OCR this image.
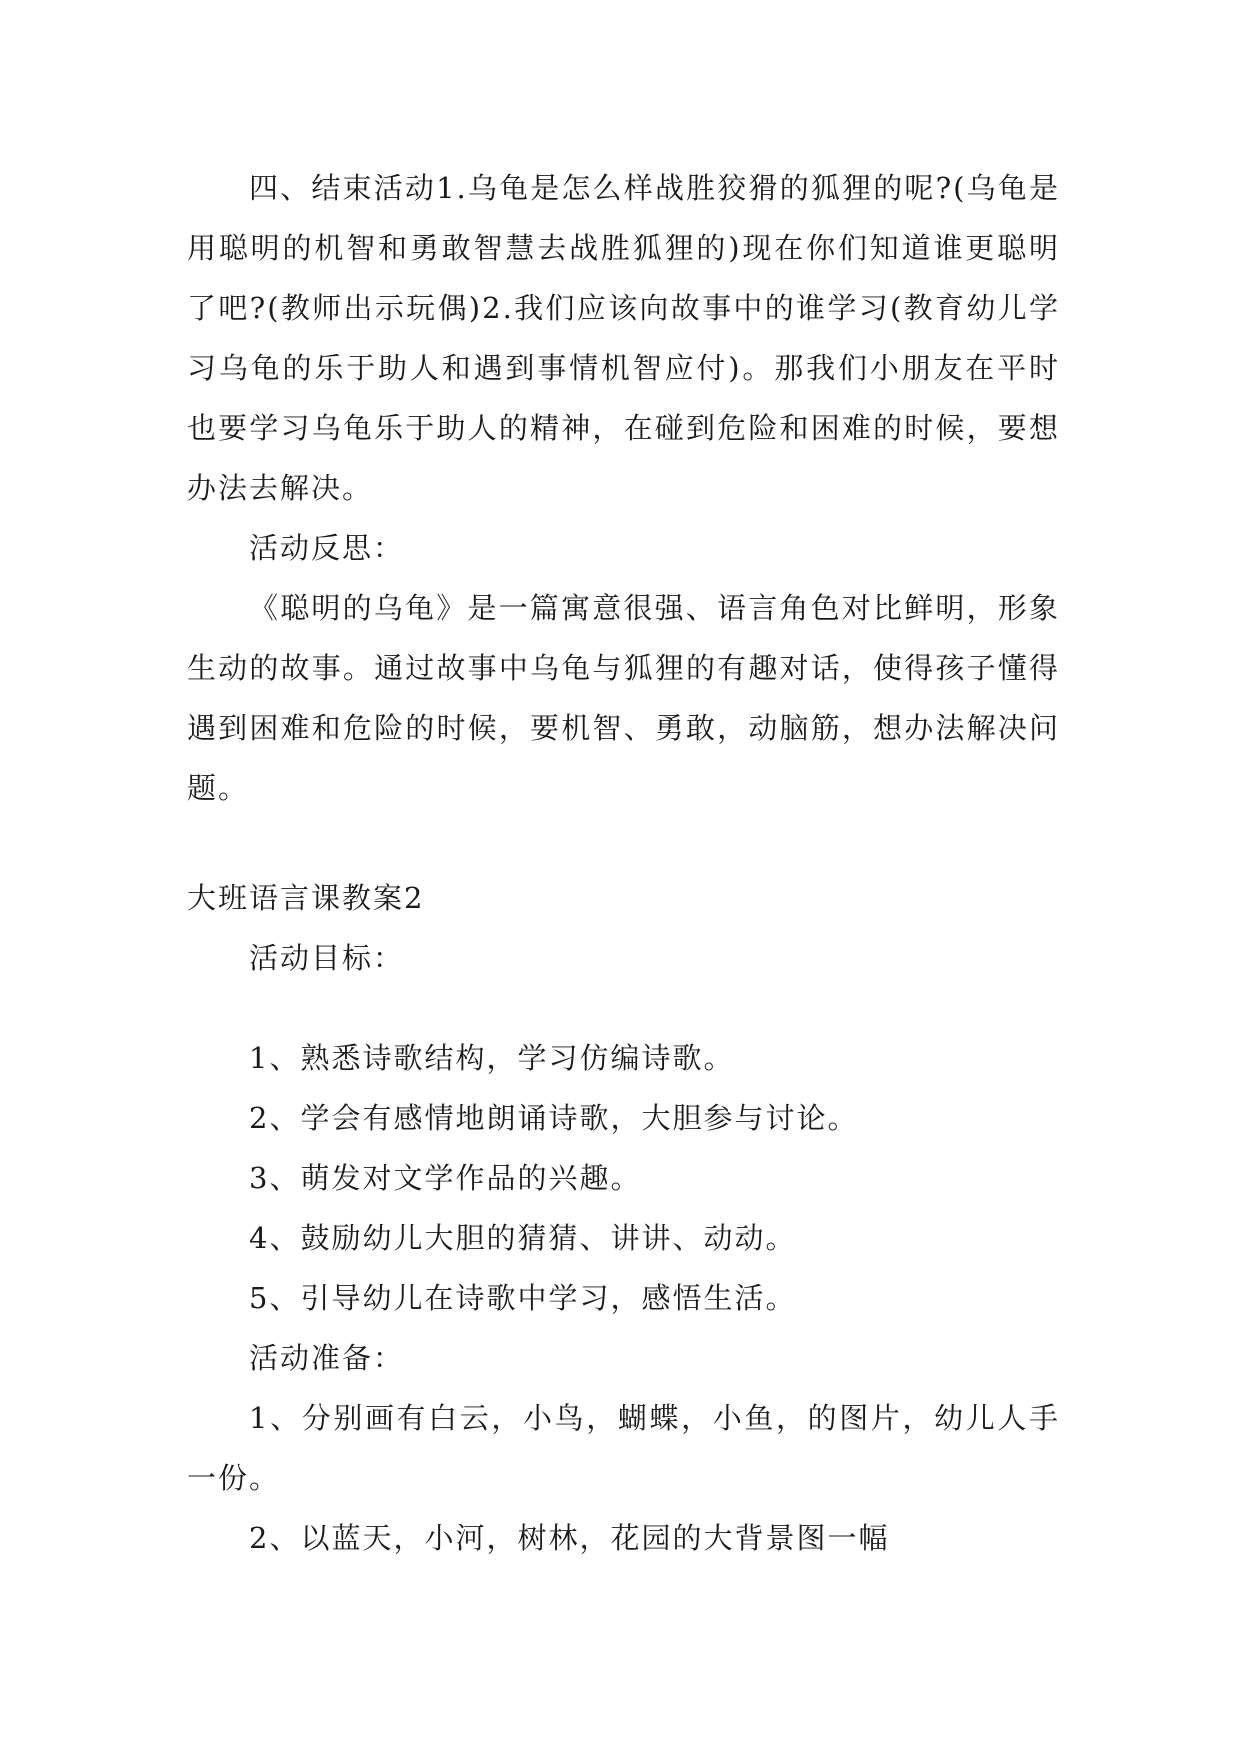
四、结束活动1.乌龟是怎么样战胜狡猾的狐狸的呢?(乌龟是用聪明的机智和勇敢智慧去战胜狐狸的)现在你们知道谁更聪明了吧?(教师出示玩偶)2.我们应该向故事中的谁学习(教育幼儿学习乌龟的乐于助人和遇到事情机智应付)。那我们小朋友在平时也要学习乌龟乐于助人的精神，在碰到危险和困难的时候，要想办法去解决。

活动反思：

《聪明的乌龟》是一篇寓意很强、语言角色对比鲜明，形象生动的故事。通过故事中乌龟与狐狸的有趣对话，使得孩子懂得遇到困难和危险的时候，要机智、勇敢，动脑筋，想办法解决问题。

大班语言课教案2

活动目标：

1、熟悉诗歌结构，学习仿编诗歌。

2、学会有感情地朗诵诗歌，大胆参与讨论。

3、萌发对文学作品的兴趣。

4、鼓励幼儿大胆的猜猜、讲讲、动动。

5、引导幼儿在诗歌中学习，感悟生活。

活动准备：

1、分别画有白云，小鸟，蝴蝶，小鱼，的图片，幼儿人手一份。

2、以蓝天，小河，树林，花园的大背景图一幅
